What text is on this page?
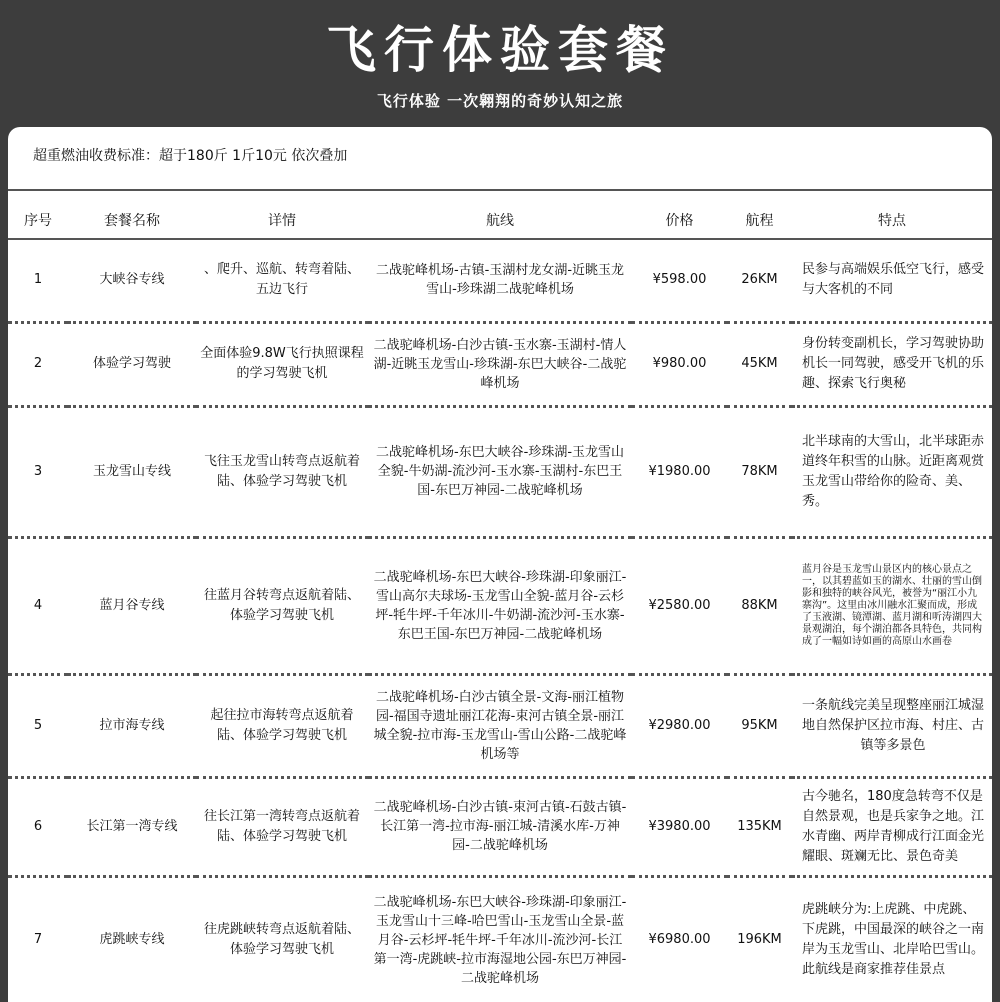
飞行体验套餐
飞行体验 一次翱翔的奇妙认知之旅
超重燃油收费标准：超于180斤 1斤10元 依次叠加
序号	套餐名称	详情	航线	价格	航程	特点
1	大峡谷专线	、爬升、巡航、转弯着陆、五边飞行	二战驼峰机场-古镇-玉湖村龙女湖-近眺玉龙雪山-珍珠湖二战驼峰机场	¥598.00	26KM	民参与高端娱乐低空飞行，感受与大客机的不同
2	体验学习驾驶	全面体验9.8W飞行执照课程的学习驾驶飞机	二战驼峰机场-白沙古镇-玉水寨-玉湖村-情人湖-近眺玉龙雪山-珍珠湖-东巴大峡谷-二战驼峰机场	¥980.00	45KM	身份转变副机长，学习驾驶协助机长一同驾驶，感受开飞机的乐趣、探索飞行奥秘
3	玉龙雪山专线	飞往玉龙雪山转弯点返航着陆、体验学习驾驶飞机	二战驼峰机场-东巴大峡谷-珍珠湖-玉龙雪山全貌-牛奶湖-流沙河-玉水寨-玉湖村-东巴王国-东巴万神园-二战驼峰机场	¥1980.00	78KM	北半球南的大雪山，北半球距赤道终年积雪的山脉。近距离观赏玉龙雪山带给你的险奇、美、秀。
4	蓝月谷专线	往蓝月谷转弯点返航着陆、体验学习驾驶飞机	二战驼峰机场-东巴大峡谷-珍珠湖-印象丽江-雪山高尔夫球场-玉龙雪山全貌-蓝月谷-云杉坪-牦牛坪-千年冰川-牛奶湖-流沙河-玉水寨-东巴王国-东巴万神园-二战驼峰机场	¥2580.00	88KM	蓝月谷是玉龙雪山景区内的核心景点之一，以其碧蓝如玉的湖水、壮丽的雪山倒影和独特的峡谷风光，被誉为“丽江小九寨沟”。这里由冰川融水汇聚而成，形成了玉液湖、镜潭湖、蓝月湖和听涛湖四大景观湖泊，每个湖泊都各具特色，共同构成了一幅如诗如画的高原山水画卷
5	拉市海专线	起往拉市海转弯点返航着陆、体验学习驾驶飞机	二战驼峰机场-白沙古镇全景-文海-丽江植物园-福国寺遗址丽江花海-束河古镇全景-丽江城全貌-拉市海-玉龙雪山-雪山公路-二战驼峰机场等	¥2980.00	95KM	一条航线完美呈现整座丽江城湿地自然保护区拉市海、村庄、古镇等多景色
6	长江第一湾专线	往长江第一湾转弯点返航着陆、体验学习驾驶飞机	二战驼峰机场-白沙古镇-束河古镇-石鼓古镇-长江第一湾-拉市海-丽江城-清溪水库-万神园-二战驼峰机场	¥3980.00	135KM	古今驰名，180度急转弯不仅是自然景观，也是兵家争之地。江水青幽、两岸青柳成行江面金光耀眼、斑斓无比、景色奇美
7	虎跳峡专线	往虎跳峡转弯点返航着陆、体验学习驾驶飞机	二战驼峰机场-东巴大峡谷-珍珠湖-印象丽江-玉龙雪山十三峰-哈巴雪山-玉龙雪山全景-蓝月谷-云杉坪-牦牛坪-千年冰川-流沙河-长江第一湾-虎跳峡-拉市海湿地公园-东巴万神园-二战驼峰机场	¥6980.00	196KM	虎跳峡分为:上虎跳、中虎跳、下虎跳，中国最深的峡谷之一南岸为玉龙雪山、北岸哈巴雪山。此航线是商家推荐佳景点
